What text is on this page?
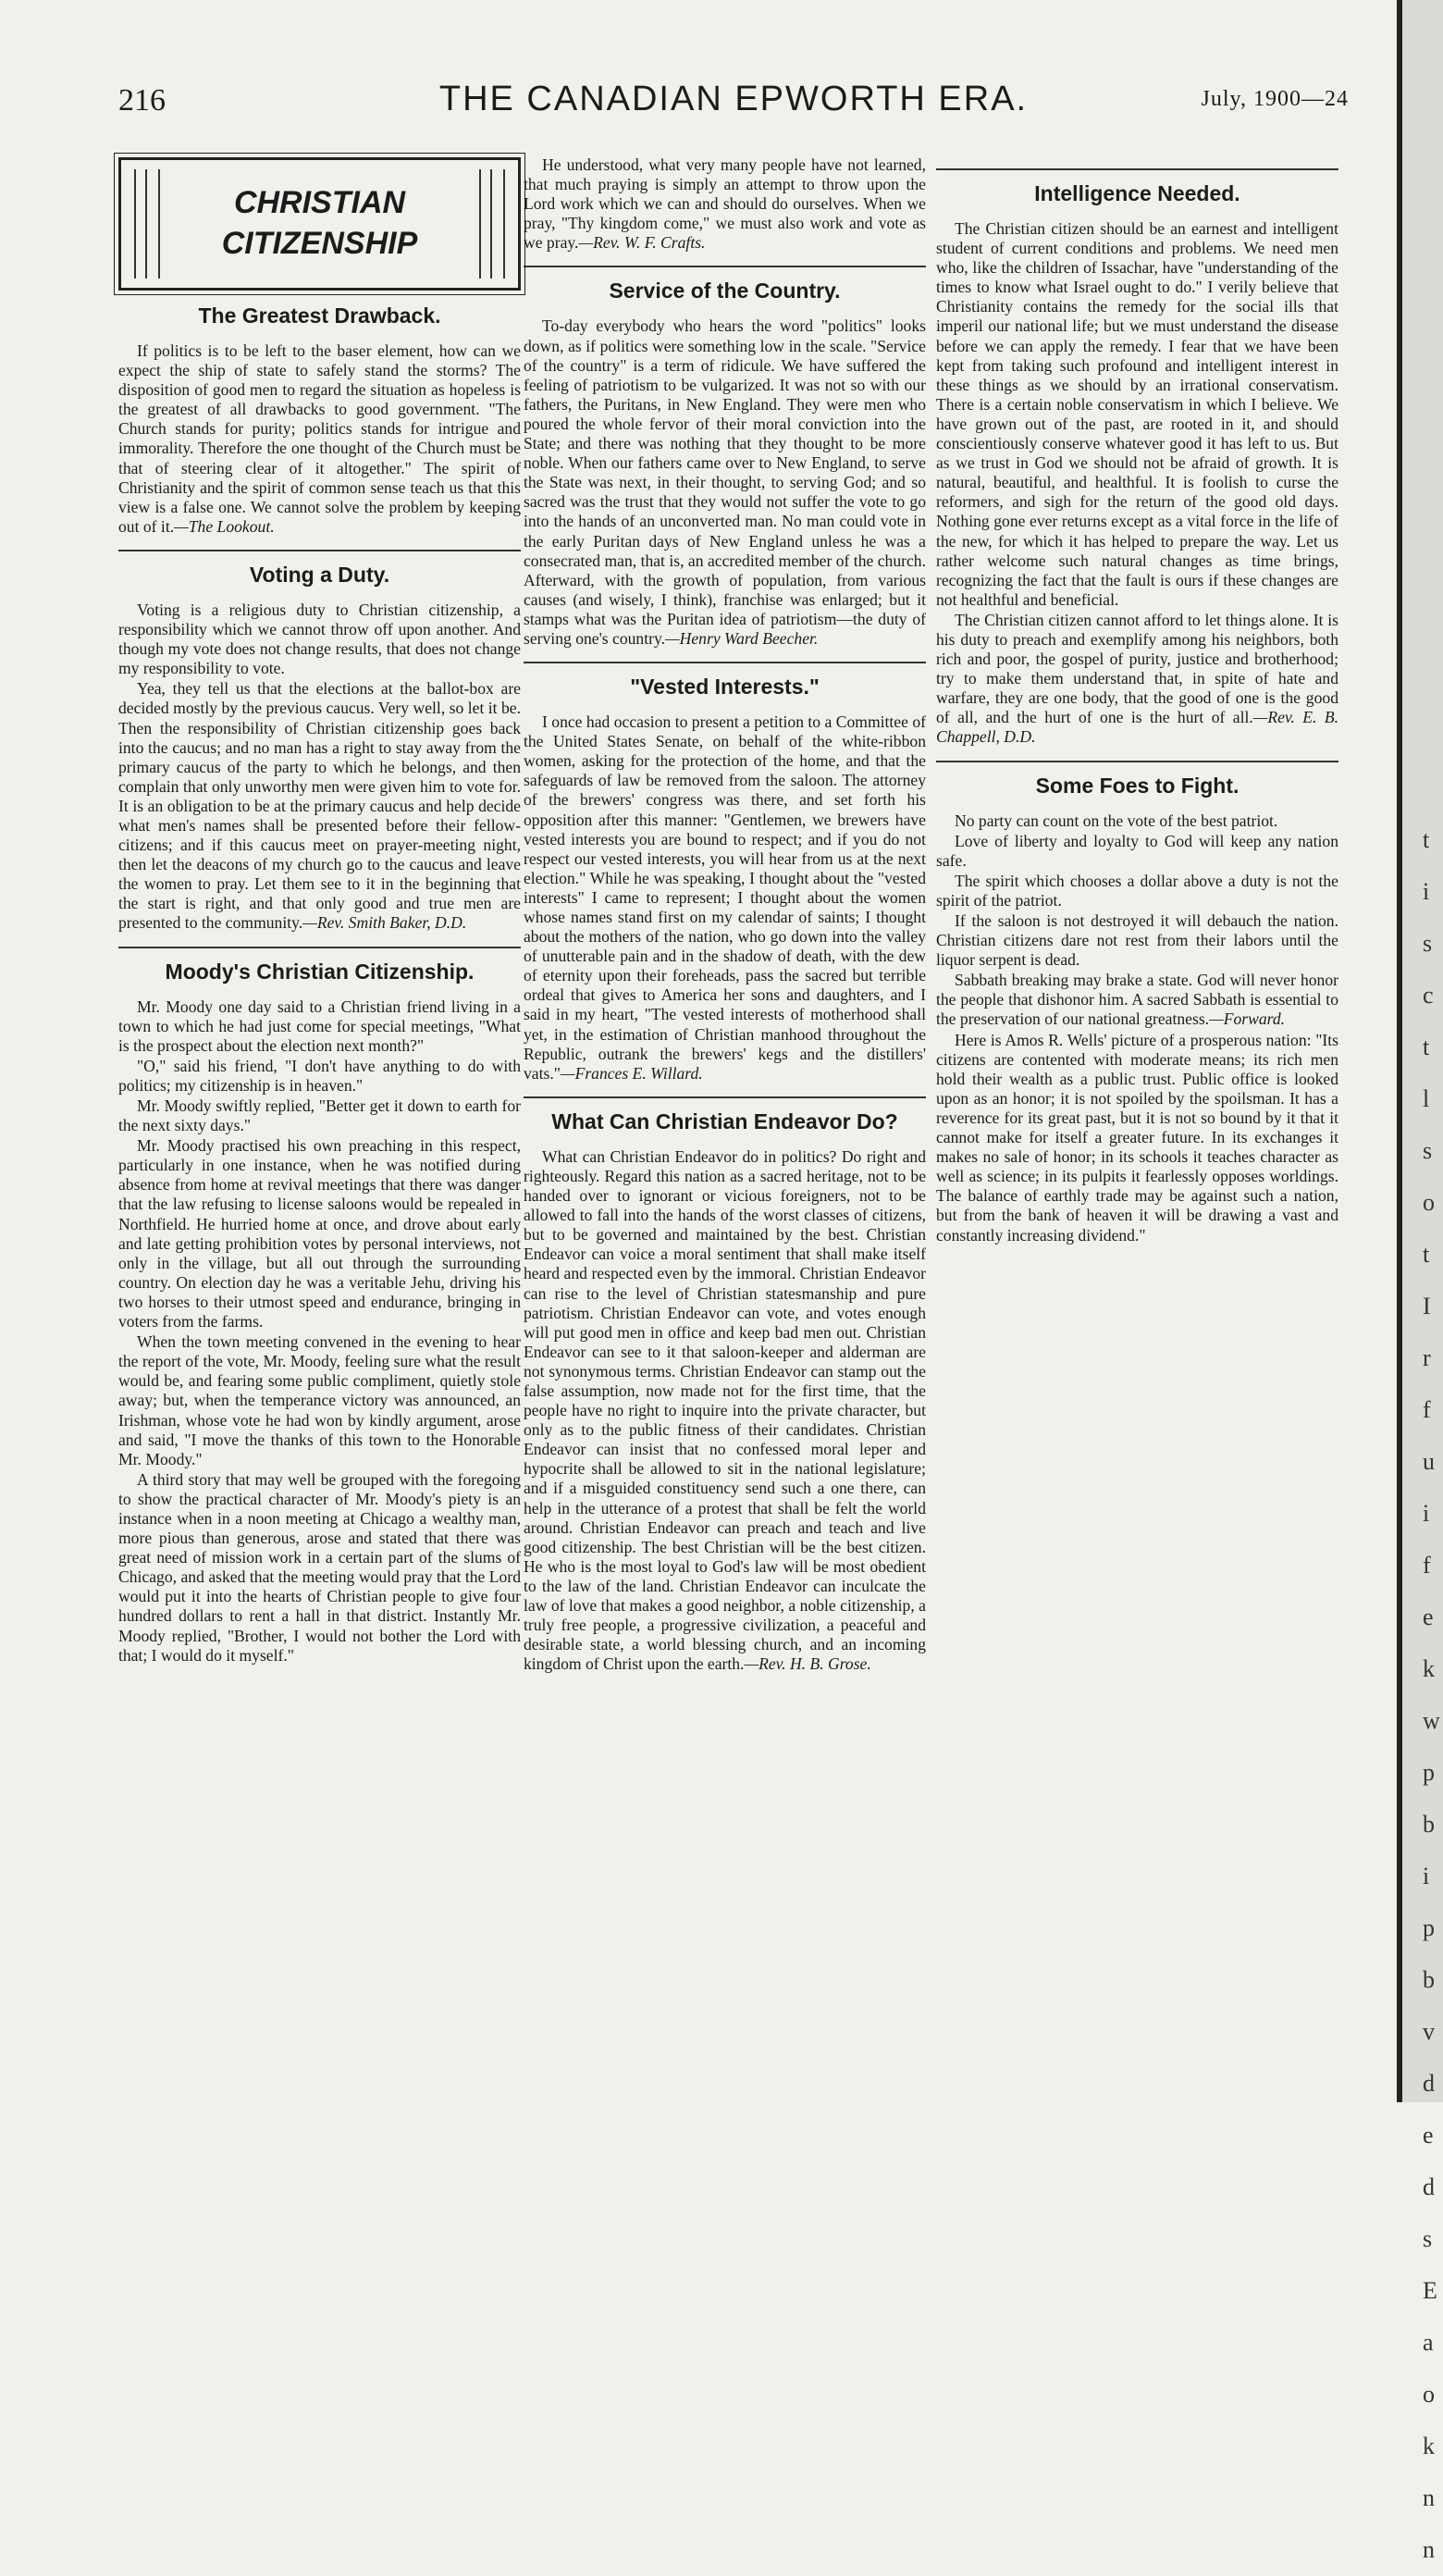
216	THE CANADIAN EPWORTH ERA.	July, 1900—24
CHRISTIAN
CITIZENSHIP
The Greatest Drawback.

If politics is to be left to the baser element, how can we expect the ship of state to safely stand the storms? The disposition of good men to regard the situation as hopeless is the greatest of all drawbacks to good government. "The Church stands for purity; politics stands for intrigue and immorality. Therefore the one thought of the Church must be that of steering clear of it altogether." The spirit of Christianity and the spirit of common sense teach us that this view is a false one. We cannot solve the problem by keeping out of it.—The Lookout.

Voting a Duty.

Voting is a religious duty to Christian citizenship, a responsibility which we cannot throw off upon another. And though my vote does not change results, that does not change my responsibility to vote.

Yea, they tell us that the elections at the ballot-box are decided mostly by the previous caucus. Very well, so let it be. Then the responsibility of Christian citizenship goes back into the caucus; and no man has a right to stay away from the primary caucus of the party to which he belongs, and then complain that only unworthy men were given him to vote for. It is an obligation to be at the primary caucus and help decide what men's names shall be presented before their fellow-citizens; and if this caucus meet on prayer-meeting night, then let the deacons of my church go to the caucus and leave the women to pray. Let them see to it in the beginning that the start is right, and that only good and true men are presented to the community.—Rev. Smith Baker, D.D.

Moody's Christian Citizenship.

Mr. Moody one day said to a Christian friend living in a town to which he had just come for special meetings, "What is the prospect about the election next month?"

"O," said his friend, "I don't have anything to do with politics; my citizenship is in heaven."

Mr. Moody swiftly replied, "Better get it down to earth for the next sixty days."

Mr. Moody practised his own preaching in this respect, particularly in one instance, when he was notified during absence from home at revival meetings that there was danger that the law refusing to license saloons would be repealed in Northfield. He hurried home at once, and drove about early and late getting prohibition votes by personal interviews, not only in the village, but all out through the surrounding country. On election day he was a veritable Jehu, driving his two horses to their utmost speed and endurance, bringing in voters from the farms.

When the town meeting convened in the evening to hear the report of the vote, Mr. Moody, feeling sure what the result would be, and fearing some public compliment, quietly stole away; but, when the temperance victory was announced, an Irishman, whose vote he had won by kindly argument, arose and said, "I move the thanks of this town to the Honorable Mr. Moody."

A third story that may well be grouped with the foregoing to show the practical character of Mr. Moody's piety is an instance when in a noon meeting at Chicago a wealthy man, more pious than generous, arose and stated that there was great need of mission work in a certain part of the slums of Chicago, and asked that the meeting would pray that the Lord would put it into the hearts of Christian people to give four hundred dollars to rent a hall in that district. Instantly Mr. Moody replied, "Brother, I would not bother the Lord with that; I would do it myself."

He understood, what very many people have not learned, that much praying is simply an attempt to throw upon the Lord work which we can and should do ourselves. When we pray, "Thy kingdom come," we must also work and vote as we pray.—Rev. W. F. Crafts.

Service of the Country.

To-day everybody who hears the word "politics" looks down, as if politics were something low in the scale. "Service of the country" is a term of ridicule. We have suffered the feeling of patriotism to be vulgarized. It was not so with our fathers, the Puritans, in New England. They were men who poured the whole fervor of their moral conviction into the State; and there was nothing that they thought to be more noble. When our fathers came over to New England, to serve the State was next, in their thought, to serving God; and so sacred was the trust that they would not suffer the vote to go into the hands of an unconverted man. No man could vote in the early Puritan days of New England unless he was a consecrated man, that is, an accredited member of the church. Afterward, with the growth of population, from various causes (and wisely, I think), franchise was enlarged; but it stamps what was the Puritan idea of patriotism—the duty of serving one's country.—Henry Ward Beecher.

"Vested Interests."

I once had occasion to present a petition to a Committee of the United States Senate, on behalf of the white-ribbon women, asking for the protection of the home, and that the safeguards of law be removed from the saloon. The attorney of the brewers' congress was there, and set forth his opposition after this manner: "Gentlemen, we brewers have vested interests you are bound to respect; and if you do not respect our vested interests, you will hear from us at the next election." While he was speaking, I thought about the "vested interests" I came to represent; I thought about the women whose names stand first on my calendar of saints; I thought about the mothers of the nation, who go down into the valley of unutterable pain and in the shadow of death, with the dew of eternity upon their foreheads, pass the sacred but terrible ordeal that gives to America her sons and daughters, and I said in my heart, "The vested interests of motherhood shall yet, in the estimation of Christian manhood throughout the Republic, outrank the brewers' kegs and the distillers' vats."—Frances E. Willard.

What Can Christian Endeavor Do?

What can Christian Endeavor do in politics? Do right and righteously. Regard this nation as a sacred heritage, not to be handed over to ignorant or vicious foreigners, not to be allowed to fall into the hands of the worst classes of citizens, but to be governed and maintained by the best. Christian Endeavor can voice a moral sentiment that shall make itself heard and respected even by the immoral. Christian Endeavor can rise to the level of Christian statesmanship and pure patriotism. Christian Endeavor can vote, and votes enough will put good men in office and keep bad men out. Christian Endeavor can see to it that saloon-keeper and alderman are not synonymous terms. Christian Endeavor can stamp out the false assumption, now made not for the first time, that the people have no right to inquire into the private character, but only as to the public fitness of their candidates. Christian Endeavor can insist that no confessed moral leper and hypocrite shall be allowed to sit in the national legislature; and if a misguided constituency send such a one there, can help in the utterance of a protest that shall be felt the world around. Christian Endeavor can preach and teach and live good citizenship. The best Christian will be the best citizen. He who is the most loyal to God's law will be most obedient to the law of the land. Christian Endeavor can inculcate the law of love that makes a good neighbor, a noble citizenship, a truly free people, a progressive civilization, a peaceful and desirable state, a world blessing church, and an incoming kingdom of Christ upon the earth.—Rev. H. B. Grose.

Intelligence Needed.

The Christian citizen should be an earnest and intelligent student of current conditions and problems. We need men who, like the children of Issachar, have "understanding of the times to know what Israel ought to do." I verily believe that Christianity contains the remedy for the social ills that imperil our national life; but we must understand the disease before we can apply the remedy. I fear that we have been kept from taking such profound and intelligent interest in these things as we should by an irrational conservatism. There is a certain noble conservatism in which I believe. We have grown out of the past, are rooted in it, and should conscientiously conserve whatever good it has left to us. But as we trust in God we should not be afraid of growth. It is natural, beautiful, and healthful. It is foolish to curse the reformers, and sigh for the return of the good old days. Nothing gone ever returns except as a vital force in the life of the new, for which it has helped to prepare the way. Let us rather welcome such natural changes as time brings, recognizing the fact that the fault is ours if these changes are not healthful and beneficial.

The Christian citizen cannot afford to let things alone. It is his duty to preach and exemplify among his neighbors, both rich and poor, the gospel of purity, justice and brotherhood; try to make them understand that, in spite of hate and warfare, they are one body, that the good of one is the good of all, and the hurt of one is the hurt of all.—Rev. E. B. Chappell, D.D.

Some Foes to Fight.

No party can count on the vote of the best patriot.

Love of liberty and loyalty to God will keep any nation safe.

The spirit which chooses a dollar above a duty is not the spirit of the patriot.

If the saloon is not destroyed it will debauch the nation. Christian citizens dare not rest from their labors until the liquor serpent is dead.

Sabbath breaking may brake a state. God will never honor the people that dishonor him. A sacred Sabbath is essential to the preservation of our national greatness.—Forward.

Here is Amos R. Wells' picture of a prosperous nation: "Its citizens are contented with moderate means; its rich men hold their wealth as a public trust. Public office is looked upon as an honor; it is not spoiled by the spoilsman. It has a reverence for its great past, but it is not so bound by it that it cannot make for itself a greater future. In its exchanges it makes no sale of honor; in its schools it teaches character as well as science; in its pulpits it fearlessly opposes worldings. The balance of earthly trade may be against such a nation, but from the bank of heaven it will be drawing a vast and constantly increasing dividend."

t
i
s
c
t
l
s
o
t
I
r
f
u
i
f
e
k
w
p
b
i
p
b
v
d
e
d
s
E
a
o
k
n
n
